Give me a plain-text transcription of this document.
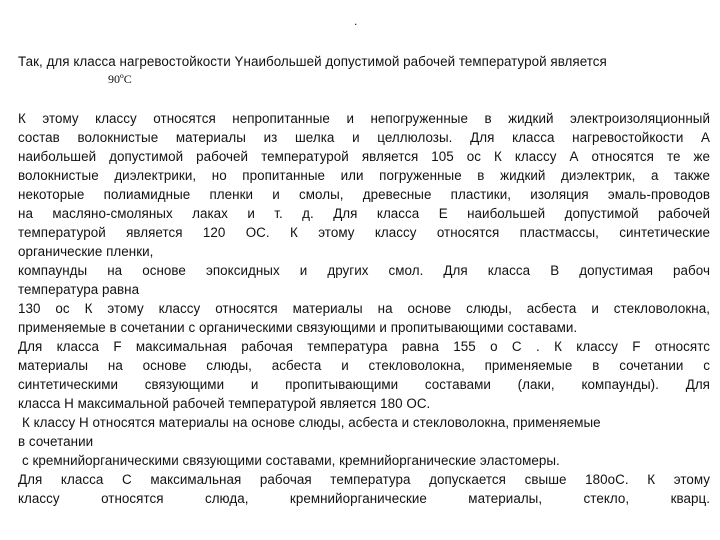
.
Так, для класса нагревостойкости Yнаибольшей допустимой рабочей температурой является
90ºС
К этому классу относятся непропитанные и непогруженные в жидкий электроизоляционный
состав волокнистые материалы из шелка и целлюлозы. Для класса нагревостойкости А
наибольшей допустимой рабочей температурой является 105 ос К классу А относятся те же
волокнистые диэлектрики, но пропитанные или погруженные в жидкий диэлектрик, а также
некоторые полиамидные пленки и смолы, древесные пластики, изоляция эмаль-проводов
на масляно-смоляных лаках и т. д. Для класса Е наибольшей допустимой рабочей
температурой является 120 ОС. К этому классу относятся пластмассы, синтетические
органические пленки,
компаунды на основе эпоксидных и других смол. Для класса В допустимая рабоч
температура равна
130 ос К этому классу относятся материалы на основе слюды, асбеста и стекловолокна,
применяемые в сочетании с органическими связующими и пропитывающими составами.
Для класса F максимальная рабочая температура равна 155 о С . К классу F относятс
материалы на основе слюды, асбеста и стекловолокна, применяемые в сочетании с
синтетическими связующими и пропитывающими составами (лаки, компаунды). Для
класса Н максимальной рабочей температурой является 180 ОС.
К классу Н относятся материалы на основе слюды, асбеста и стекловолокна, применяемые
в сочетании
с кремнийорганическими связующими составами, кремнийорганические эластомеры.
Для класса С максимальная рабочая температура допускается свыше 180оС. К этому
классу относятся слюда, кремнийорганические материалы, стекло, кварц.
